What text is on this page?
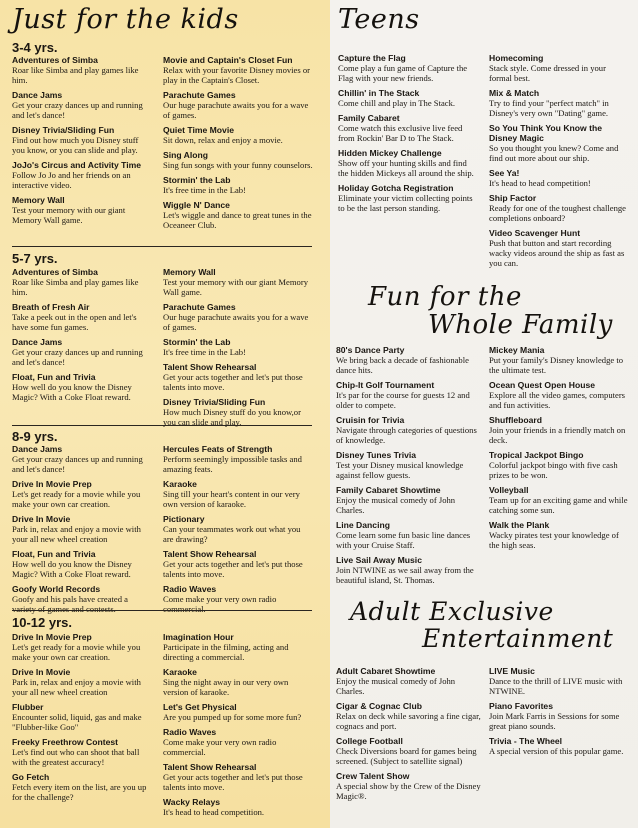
Just for the kids
3-4 yrs.
Adventures of Simba
Roar like Simba and play games like him.
Dance Jams
Get your crazy dances up and running and let's dance!
Disney Trivia/Sliding Fun
Find out how much you Disney stuff you know, or you can slide and play.
JoJo's Circus and Activity Time
Follow Jo Jo and her friends on an interactive video.
Memory Wall
Test your memory with our giant Memory Wall game.
Movie and Captain's Closet Fun
Relax with your favorite Disney movies or play in the Captain's Closet.
Parachute Games
Our huge parachute awaits you for a wave of games.
Quiet Time Movie
Sit down, relax and enjoy a movie.
Sing Along
Sing fun songs with your funny counselors.
Stormin' the Lab
It's free time in the Lab!
Wiggle N' Dance
Let's wiggle and dance to great tunes in the Oceaneer Club.
5-7 yrs.
Adventures of Simba
Roar like Simba and play games like him.
Breath of Fresh Air
Take a peek out in the open and let's have some fun games.
Dance Jams
Get your crazy dances up and running and let's dance!
Float, Fun and Trivia
How well do you know the Disney Magic? With a Coke Float reward.
Memory Wall
Test your memory with our giant Memory Wall game.
Parachute Games
Our huge parachute awaits you for a wave of games.
Stormin' the Lab
It's free time in the Lab!
Talent Show Rehearsal
Get your acts together and let's put those talents into move.
Disney Trivia/Sliding Fun
How much Disney stuff do you know,or you can slide and play.
8-9 yrs.
Dance Jams
Get your crazy dances up and running and let's dance!
Drive In Movie Prep
Let's get ready for a movie while you make your own car creation.
Drive In Movie
Park in, relax and enjoy a movie with your all new wheel creation
Float, Fun and Trivia
How well do you know the Disney Magic? With a Coke Float reward.
Goofy World Records
Goofy and his pals have created a variety of games and contests.
Hercules Feats of Strength
Perform seemingly impossible tasks and amazing feats.
Karaoke
Sing till your heart's content in our very own version of karaoke.
Pictionary
Can your teammates work out what you are drawing?
Talent Show Rehearsal
Get your acts together and let's put those talents into move.
Radio Waves
Come make your very own radio commercial.
10-12 yrs.
Drive In Movie Prep
Let's get ready for a movie while you make your own car creation.
Drive In Movie
Park in, relax and enjoy a movie with your all new wheel creation
Flubber
Encounter solid, liquid, gas and make "Flubber-like Goo"
Freeky Freethrow Contest
Let's find out who can shoot that ball with the greatest accuracy!
Go Fetch
Fetch every item on the list, are you up for the challenge?
Imagination Hour
Participate in the filming, acting and directing a commercial.
Karaoke
Sing the night away in our very own version of karaoke.
Let's Get Physical
Are you pumped up for some more fun?
Radio Waves
Come make your very own radio commercial.
Talent Show Rehearsal
Get your acts together and let's put those talents into move.
Wacky Relays
It's head to head competition.
Teens
Capture the Flag
Come play a fun game of Capture the Flag with your new friends.
Chillin' in The Stack
Come chill and play in The Stack.
Family Cabaret
Come watch this exclusive live feed from Rockin' Bar D to The Stack.
Hidden Mickey Challenge
Show off your hunting skills and find the hidden Mickeys all around the ship.
Holiday Gotcha Registration
Eliminate your victim collecting points to be the last person standing.
Homecoming
Stack style. Come dressed in your formal best.
Mix & Match
Try to find your "perfect match" in Disney's very own "Dating" game.
So You Think You Know the Disney Magic
So you thought you knew? Come and find out more about our ship.
See Ya!
It's head to head competition!
Ship Factor
Ready for one of the toughest challenge completions onboard?
Video Scavenger Hunt
Push that button and start recording wacky videos around the ship as fast as you can.
Fun for the
Whole Family
80's Dance Party
We bring back a decade of fashionable dance hits.
Chip-It Golf Tournament
It's par for the course for guests 12 and older to compete.
Cruisin for Trivia
Navigate through categories of questions of knowledge.
Disney Tunes Trivia
Test your Disney musical knowledge against fellow guests.
Family Cabaret Showtime
Enjoy the musical comedy of John Charles.
Line Dancing
Come learn some fun basic line dances with your Cruise Staff.
Live Sail Away Music
Join NTWINE as we sail away from the beautiful island, St. Thomas.
Mickey Mania
Put your family's Disney knowledge to the ultimate test.
Ocean Quest Open House
Explore all the video games, computers and fun activities.
Shuffleboard
Join your friends in a friendly match on deck.
Tropical Jackpot Bingo
Colorful jackpot bingo with five cash prizes to be won.
Volleyball
Team up for an exciting game and while catching some sun.
Walk the Plank
Wacky pirates test your knowledge of the high seas.
Adult Exclusive
Entertainment
Adult Cabaret Showtime
Enjoy the musical comedy of John Charles.
Cigar & Cognac Club
Relax on deck while savoring a fine cigar, cognacs and port.
College Football
Check Diversions board for games being screened. (Subject to satellite signal)
Crew Talent Show
A special show by the Crew of the Disney Magic®.
LIVE Music
Dance to the thrill of LIVE music with NTWINE.
Piano Favorites
Join Mark Farris in Sessions for some great piano sounds.
Trivia - The Wheel
A special version of this popular game.
